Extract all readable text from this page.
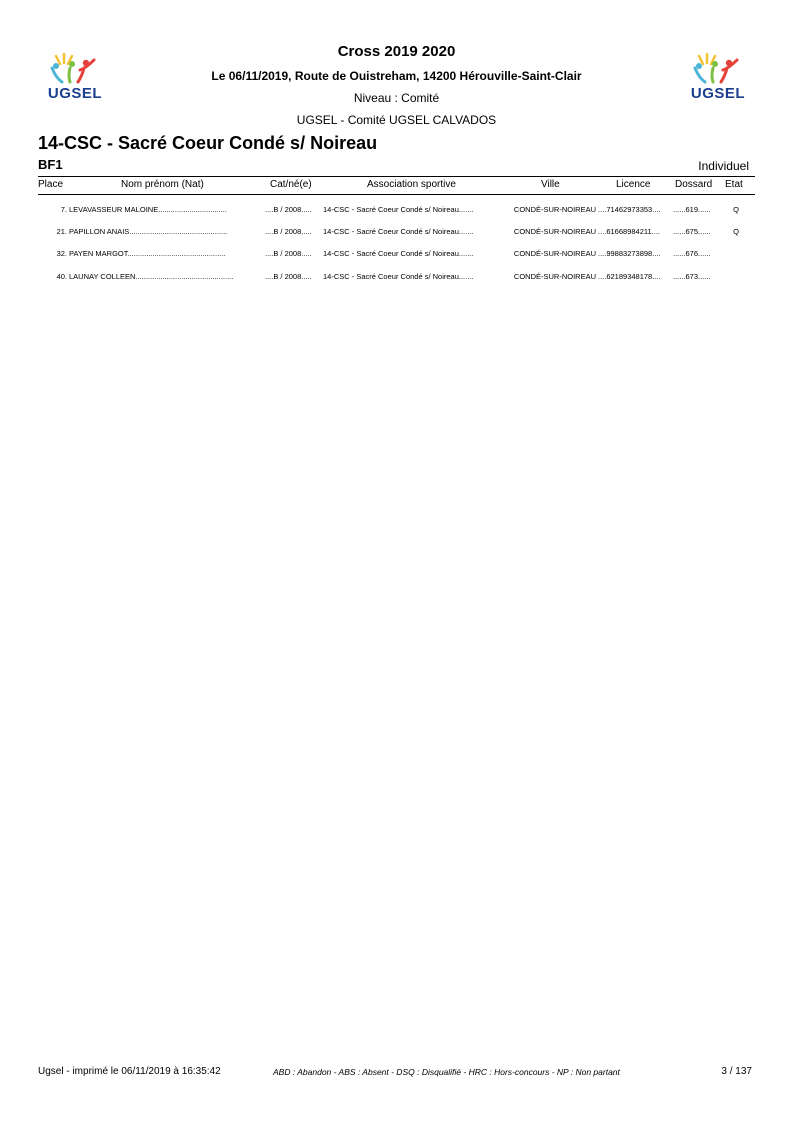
UGSEL	UGSEL
Cross 2019 2020
Le 06/11/2019, Route de Ouistreham, 14200 Hérouville-Saint-Clair
Niveau : Comité
UGSEL - Comité UGSEL CALVADOS
14-CSC - Sacré Coeur Condé s/ Noireau
BF1	Individuel
Place	Nom prénom (Nat)	Cat/né(e)	Association sportive	Ville	Licence Dossard Etat
7. LEVAVASSEUR MALOINE.................................	....B / 2008.....	14-CSC - Sacré Coeur Condé s/ Noireau.......	CONDÉ-SUR-NOIREAU ....71462973353....	......619......	Q
21. PAPILLON ANAIS...............................................	....B / 2008.....	14-CSC - Sacré Coeur Condé s/ Noireau.......	CONDÉ-SUR-NOIREAU ....61668984211....	......675......	Q
32. PAYEN MARGOT...............................................	....B / 2008.....	14-CSC - Sacré Coeur Condé s/ Noireau.......	CONDÉ-SUR-NOIREAU ....99883273898....	......676......
40. LAUNAY COLLEEN...............................................	....B / 2008.....	14-CSC - Sacré Coeur Condé s/ Noireau.......	CONDÉ-SUR-NOIREAU ....62189348178....	......673......
Ugsel - imprimé le 06/11/2019 à 16:35:42	ABD : Abandon - ABS : Absent - DSQ : Disqualifié - HRC : Hors-concours - NP : Non partant	3 / 137
